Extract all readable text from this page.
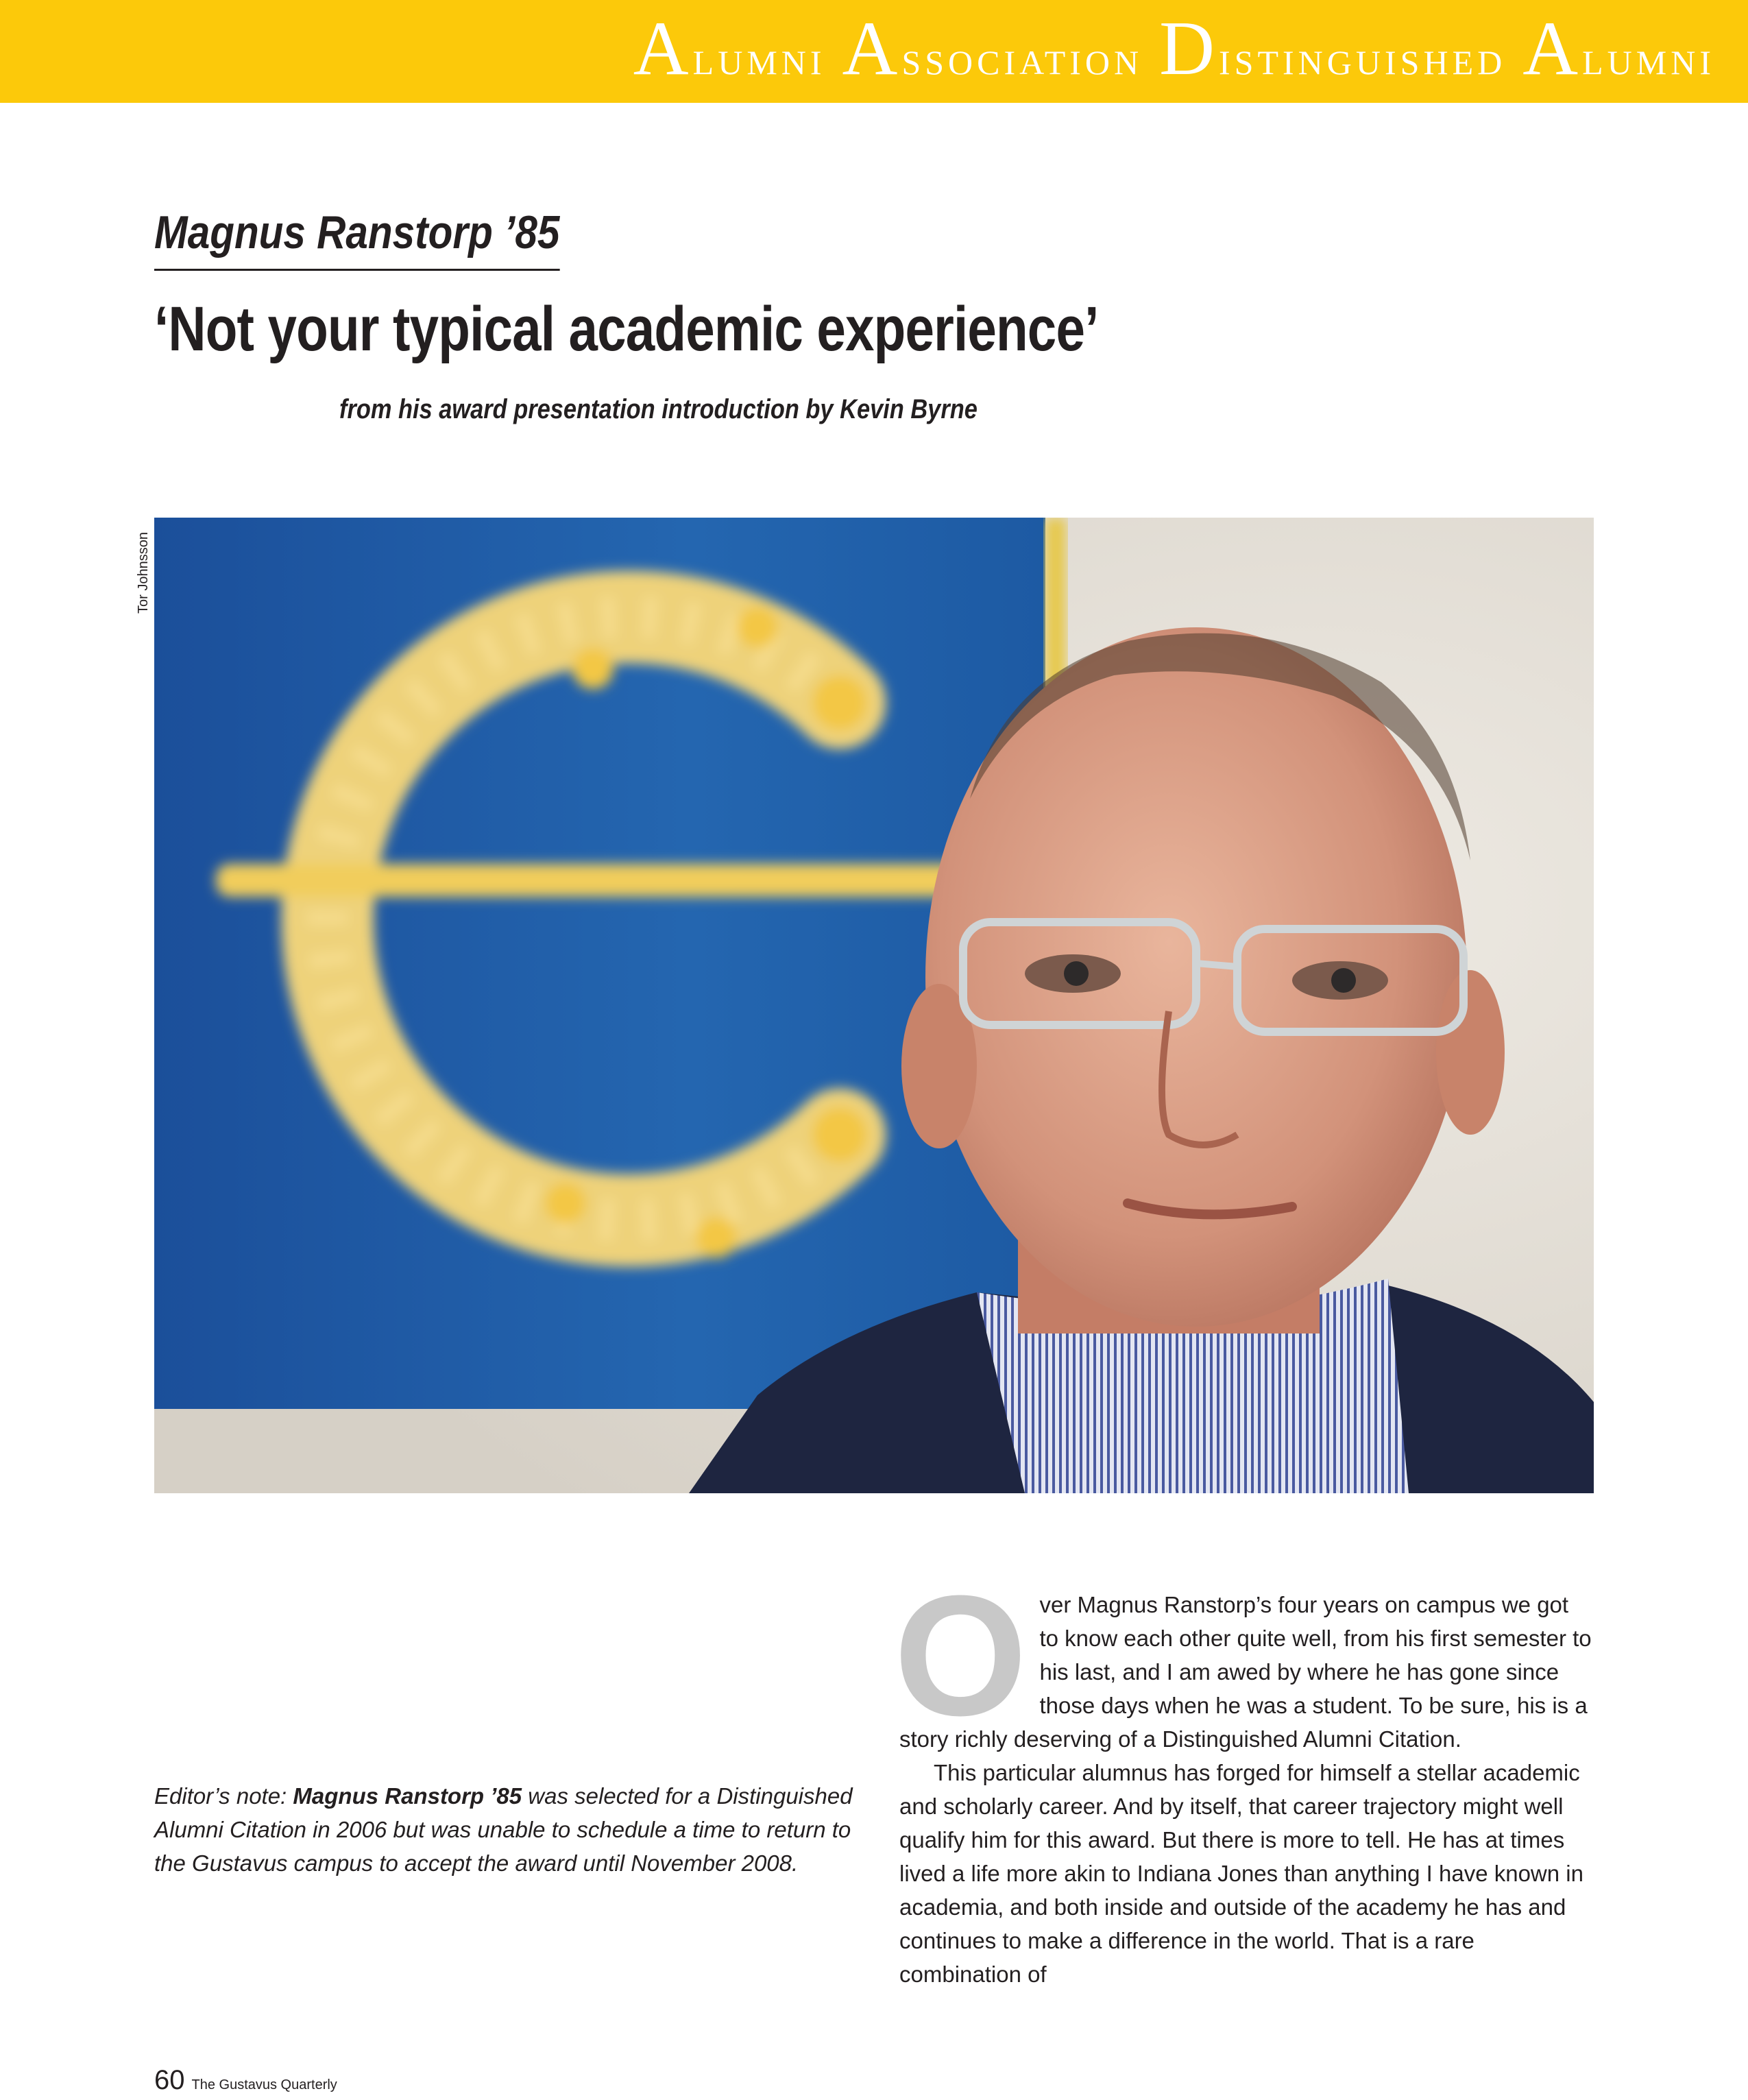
Alumni Association Distinguished Alumni
Magnus Ranstorp ’85
‘Not your typical academic experience’
from his award presentation introduction by Kevin Byrne
Tor Johnsson
Editor’s note: Magnus Ranstorp ’85 was selected for a Distinguished Alumni Citation in 2006 but was unable to schedule a time to return to the Gustavus campus to accept the award until November 2008.
O ver Magnus Ranstorp’s four years on campus we got to know each other quite well, from his first semester to his last, and I am awed by where he has gone since those days when he was a student. To be sure, his is a story richly deserving of a Distinguished Alumni Citation.

This particular alumnus has forged for himself a stellar academic and scholarly career. And by itself, that career trajectory might well qualify him for this award. But there is more to tell. He has at times lived a life more akin to Indiana Jones than anything I have known in academia, and both inside and outside of the academy he has and continues to make a difference in the world. That is a rare combination of

60 The Gustavus Quarterly
